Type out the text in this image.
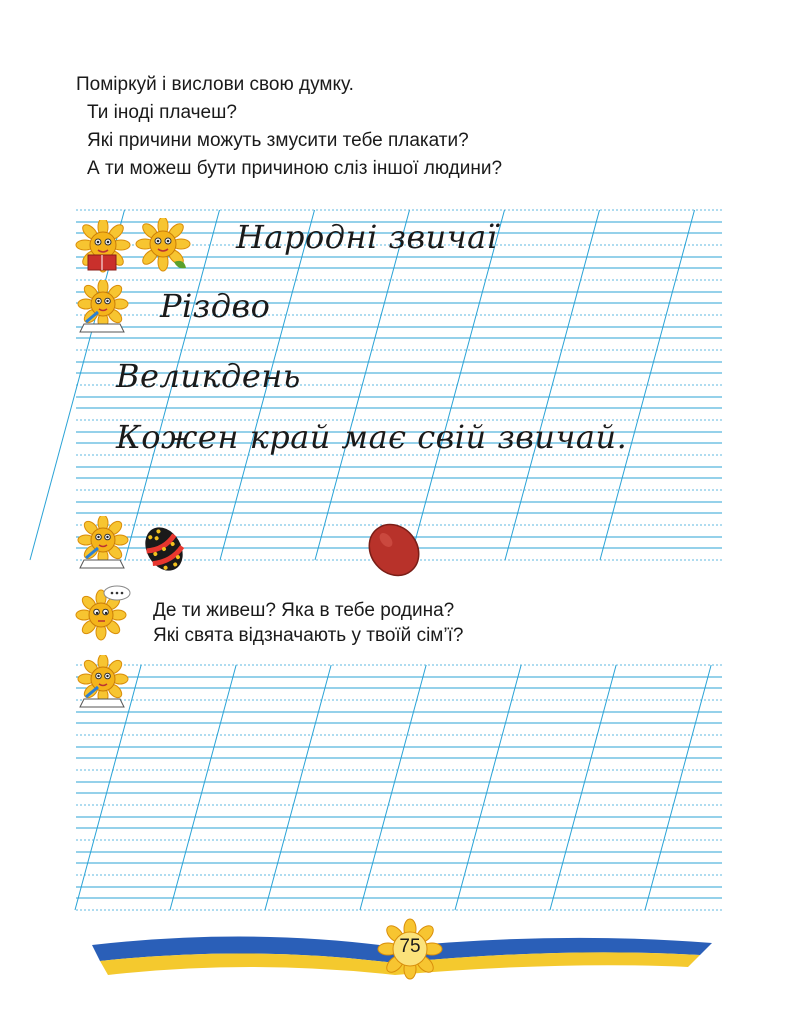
Поміркуй і вислови свою думку.
Ти іноді плачеш?
Які причини можуть змусити тебе плакати?
А ти можеш бути причиною сліз іншої людини?
Народні звичаї
Різдво
Великдень
Кожен край має свій звичай.
Де ти живеш? Яка в тебе родина?
Які свята відзначають у твоїй сім’ї?
75
